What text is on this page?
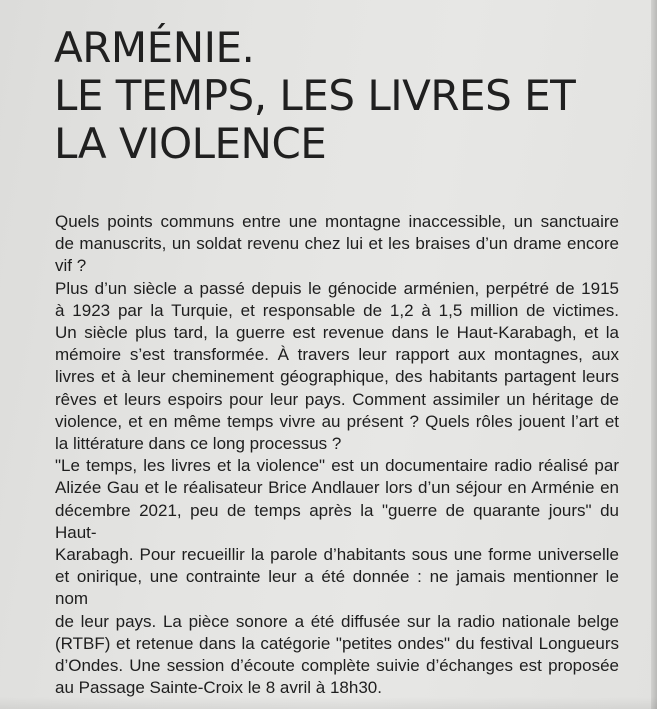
ARMÉNIE.
LE TEMPS, LES LIVRES ET
LA VIOLENCE
Quels points communs entre une montagne inaccessible, un sanctuaire
de manuscrits, un soldat revenu chez lui et les braises d’un drame encore
vif ?
Plus d’un siècle a passé depuis le génocide arménien, perpétré de 1915
à 1923 par la Turquie, et responsable de 1,2 à 1,5 million de victimes.
Un siècle plus tard, la guerre est revenue dans le Haut-Karabagh, et la
mémoire s’est transformée. À travers leur rapport aux montagnes, aux
livres et à leur cheminement géographique, des habitants partagent leurs
rêves et leurs espoirs pour leur pays. Comment assimiler un héritage de
violence, et en même temps vivre au présent ? Quels rôles jouent l’art et
la littérature dans ce long processus ?
"Le temps, les livres et la violence" est un documentaire radio réalisé par
Alizée Gau et le réalisateur Brice Andlauer lors d’un séjour en Arménie en
décembre 2021, peu de temps après la "guerre de quarante jours" du Haut-
Karabagh. Pour recueillir la parole d’habitants sous une forme universelle
et onirique, une contrainte leur a été donnée : ne jamais mentionner le nom
de leur pays. La pièce sonore a été diffusée sur la radio nationale belge
(RTBF) et retenue dans la catégorie "petites ondes" du festival Longueurs
d’Ondes. Une session d’écoute complète suivie d’échanges est proposée
au Passage Sainte-Croix le 8 avril à 18h30.
